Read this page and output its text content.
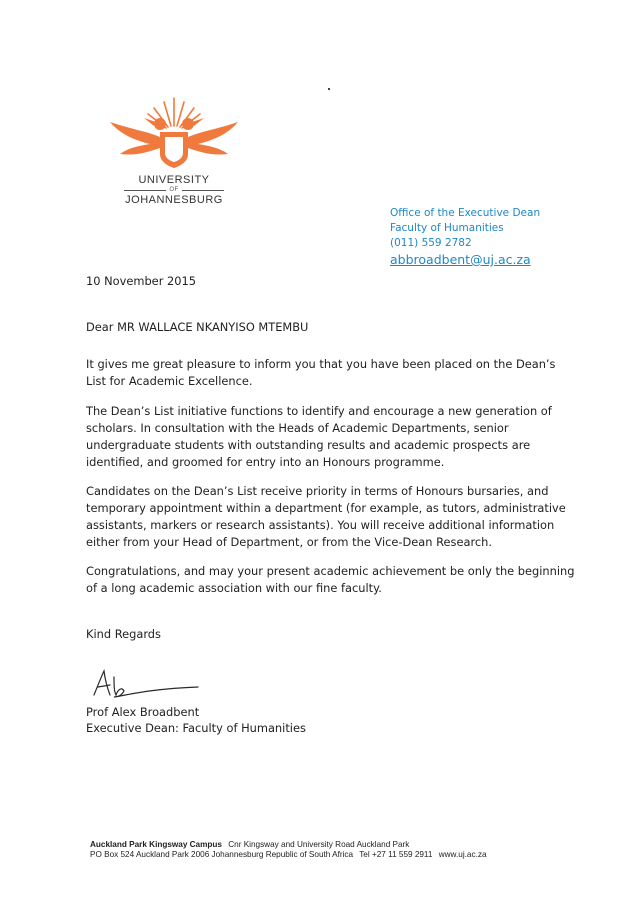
UNIVERSITY
OF
JOHANNESBURG
Office of the Executive Dean
Faculty of Humanities
(011) 559 2782
abbroadbent@uj.ac.za
10 November 2015
Dear MR WALLACE NKANYISO MTEMBU
It gives me great pleasure to inform you that you have been placed on the Dean’s List for Academic Excellence.
The Dean’s List initiative functions to identify and encourage a new generation of scholars. In consultation with the Heads of Academic Departments, senior undergraduate students with outstanding results and academic prospects are identified, and groomed for entry into an Honours programme.
Candidates on the Dean’s List receive priority in terms of Honours bursaries, and temporary appointment within a department (for example, as tutors, administrative assistants, markers or research assistants). You will receive additional information either from your Head of Department, or from the Vice-Dean Research.
Congratulations, and may your present academic achievement be only the beginning of a long academic association with our fine faculty.
Kind Regards
Prof Alex Broadbent
Executive Dean: Faculty of Humanities
Auckland Park Kingsway Campus Cnr Kingsway and University Road Auckland Park
PO Box 524 Auckland Park 2006 Johannesburg Republic of South Africa Tel +27 11 559 2911 www.uj.ac.za
